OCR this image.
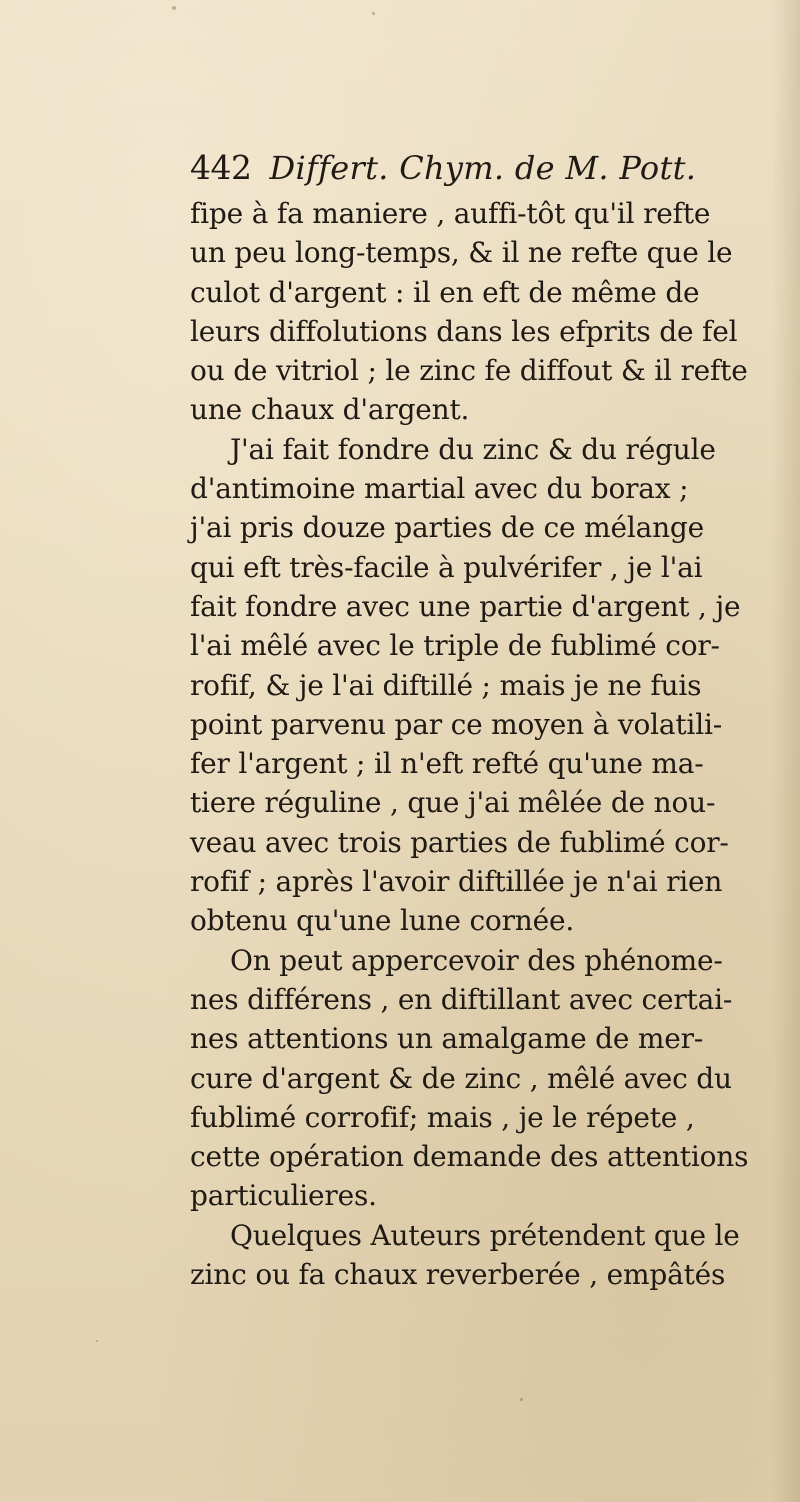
442 Differt. Chym. de M. Pott.
fipe à fa maniere , auffi-tôt qu'il refte
un peu long-temps, & il ne refte que le
culot d'argent : il en eft de même de
leurs diffolutions dans les efprits de fel
ou de vitriol ; le zinc fe diffout & il refte
une chaux d'argent.
J'ai fait fondre du zinc & du régule
d'antimoine martial avec du borax ;
j'ai pris douze parties de ce mélange
qui eft très-facile à pulvérifer , je l'ai
fait fondre avec une partie d'argent , je
l'ai mêlé avec le triple de fublimé cor-
rofif, & je l'ai diftillé ; mais je ne fuis
point parvenu par ce moyen à volatili-
fer l'argent ; il n'eft refté qu'une ma-
tiere réguline , que j'ai mêlée de nou-
veau avec trois parties de fublimé cor-
rofif ; après l'avoir diftillée je n'ai rien
obtenu qu'une lune cornée.
On peut appercevoir des phénome-
nes différens , en diftillant avec certai-
nes attentions un amalgame de mer-
cure d'argent & de zinc , mêlé avec du
fublimé corrofif; mais , je le répete ,
cette opération demande des attentions
particulieres.
Quelques Auteurs prétendent que le
zinc ou fa chaux reverberée , empâtés
